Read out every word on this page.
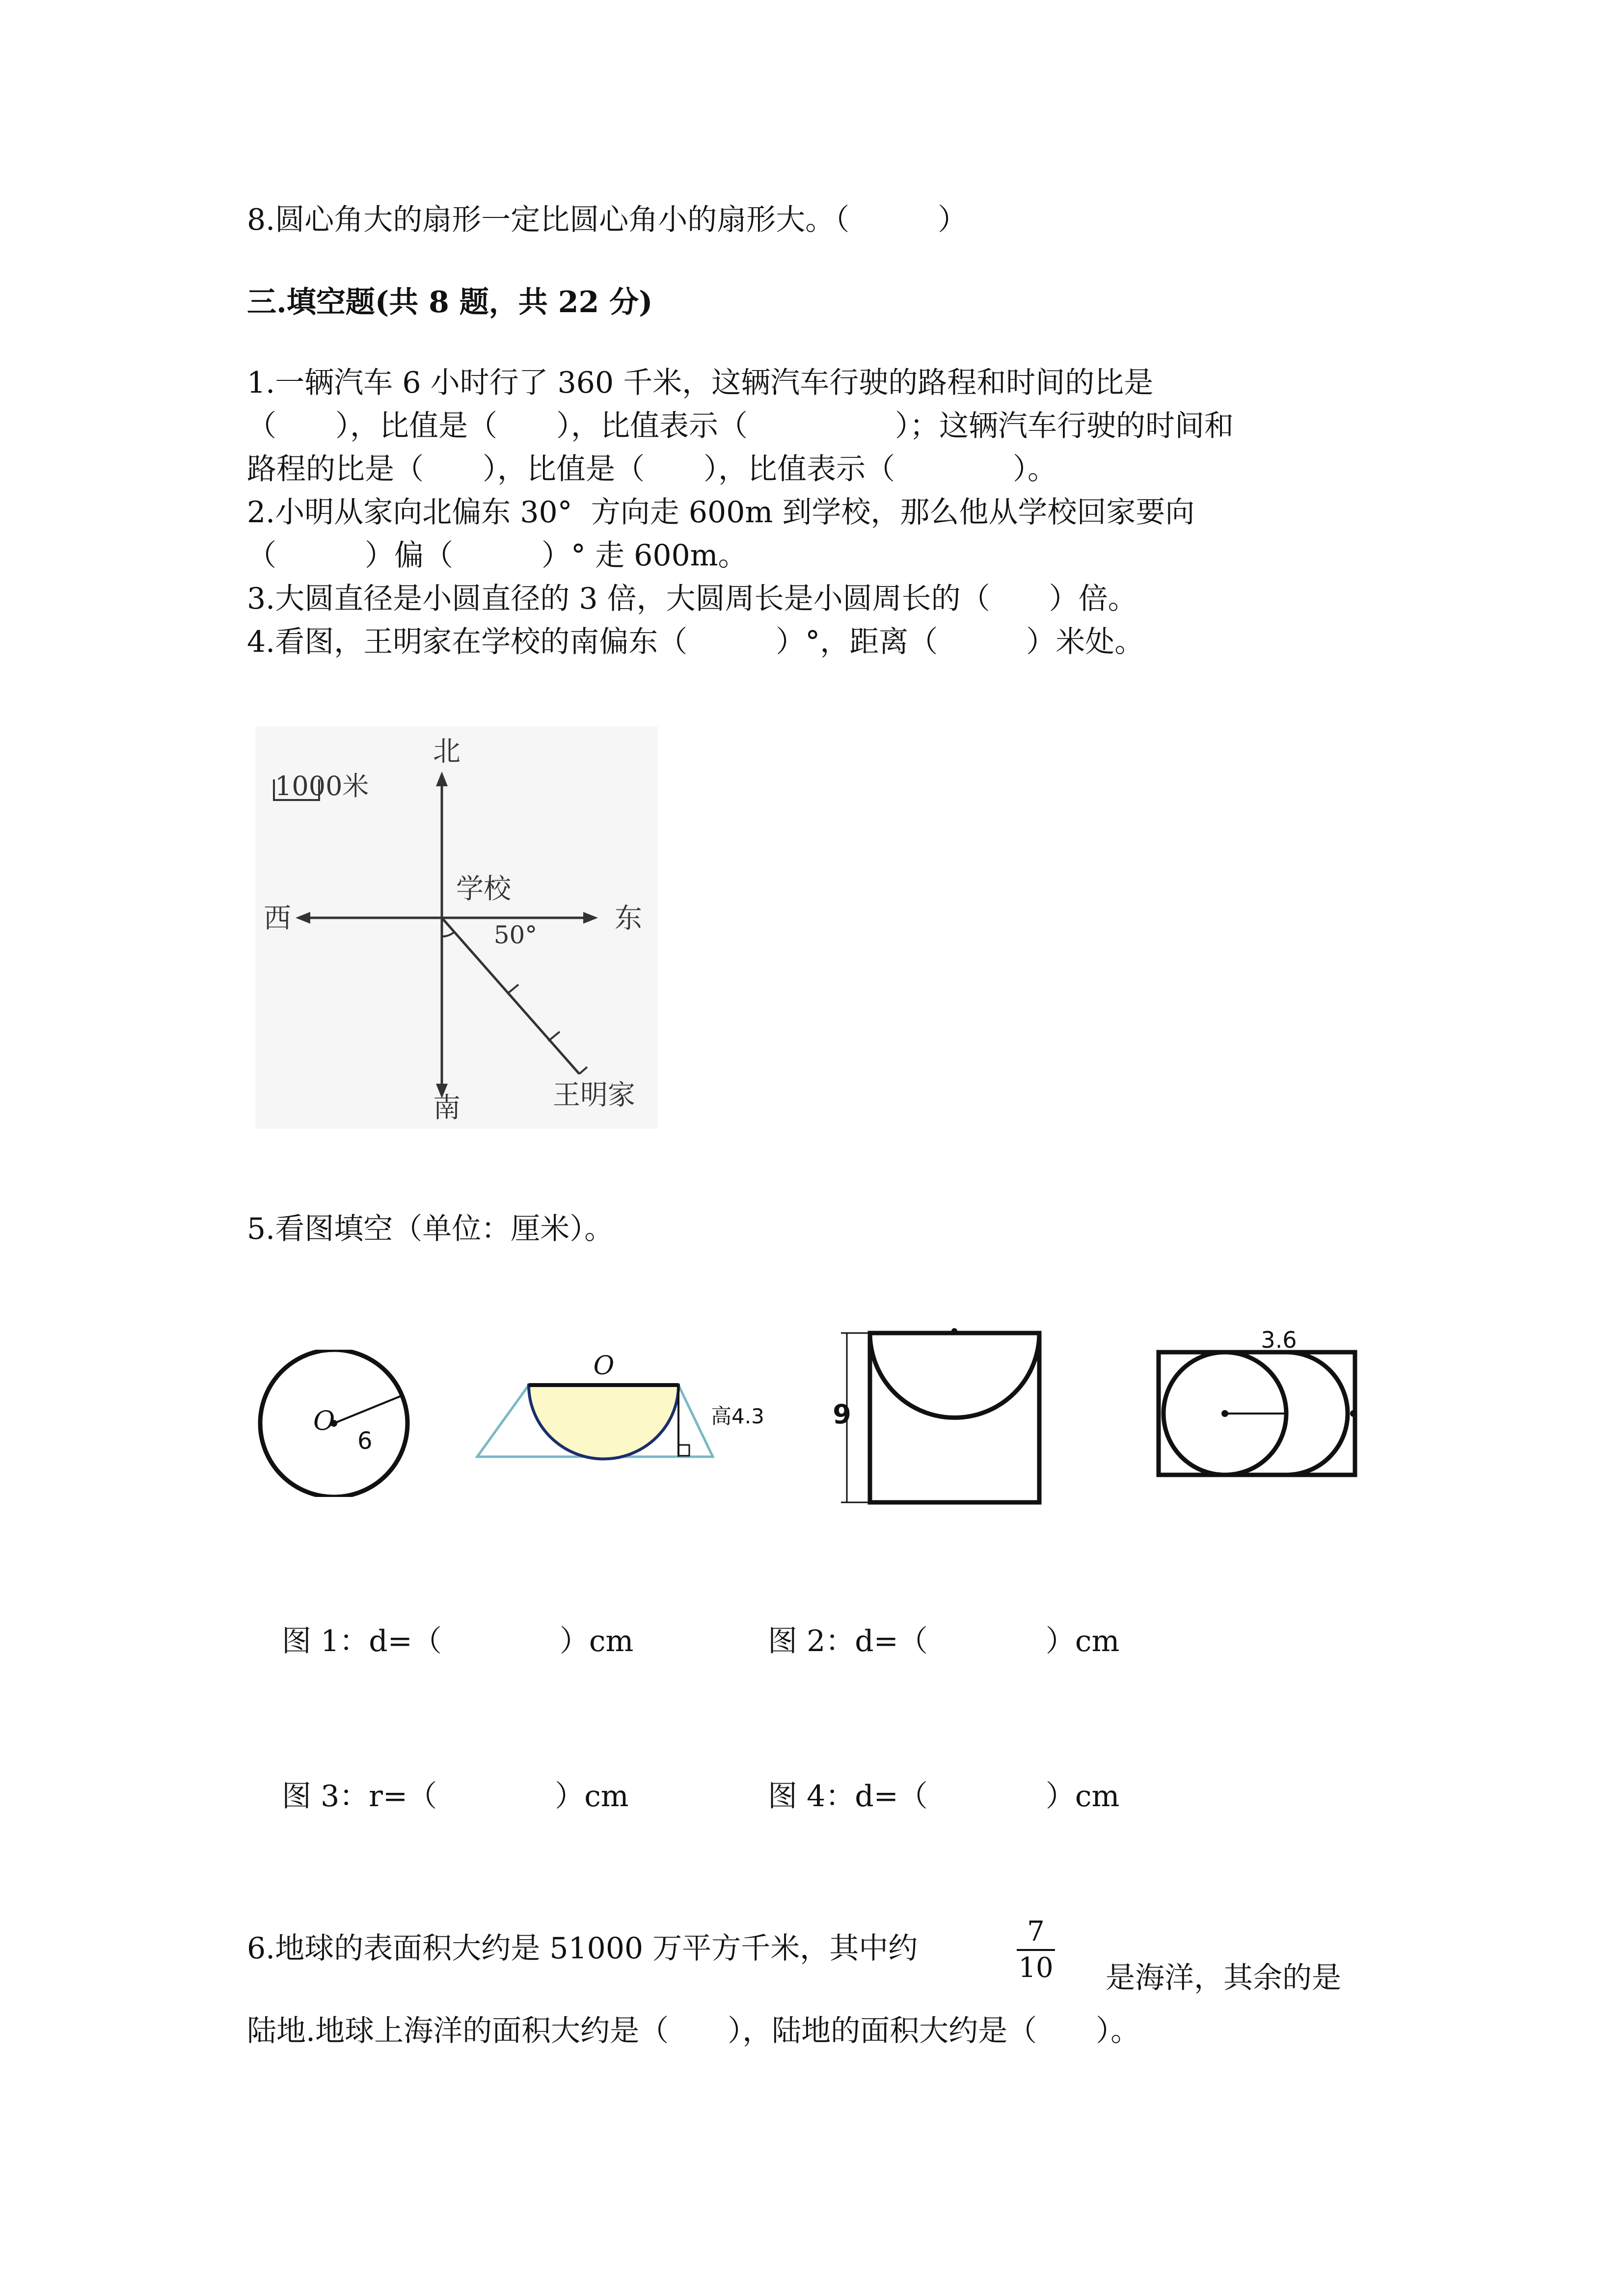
8.圆心角大的扇形一定比圆心角小的扇形大。（　　　）

三.填空题(共 8 题，共 22 分)

1.一辆汽车 6 小时行了 360 千米，这辆汽车行驶的路程和时间的比是

（　　），比值是（　　），比值表示（　　　　　）；这辆汽车行驶的时间和

路程的比是（　　），比值是（　　），比值表示（　　　　）。

2.小明从家向北偏东 30°  方向走 600m 到学校，那么他从学校回家要向

（　　　）偏（　　　）° 走 600m。

3.大圆直径是小圆直径的 3 倍，大圆周长是小圆周长的（　　）倍。

4.看图，王明家在学校的南偏东（　　　）°，距离（　　　）米处。

北
南
东
西
学校
50°
1000米
王明家

5.看图填空（单位：厘米）。

O
6
O
高4.3	9
3.6

图 1：d=（　　　　）cm	图 2：d=（　　　　）cm

图 3：r=（　　　　）cm	图 4：d=（　　　　）cm

6.地球的表面积大约是 51000 万平方千米，其中约	7
10 是海洋，其余的是

陆地.地球上海洋的面积大约是（　　），陆地的面积大约是（　　）。
